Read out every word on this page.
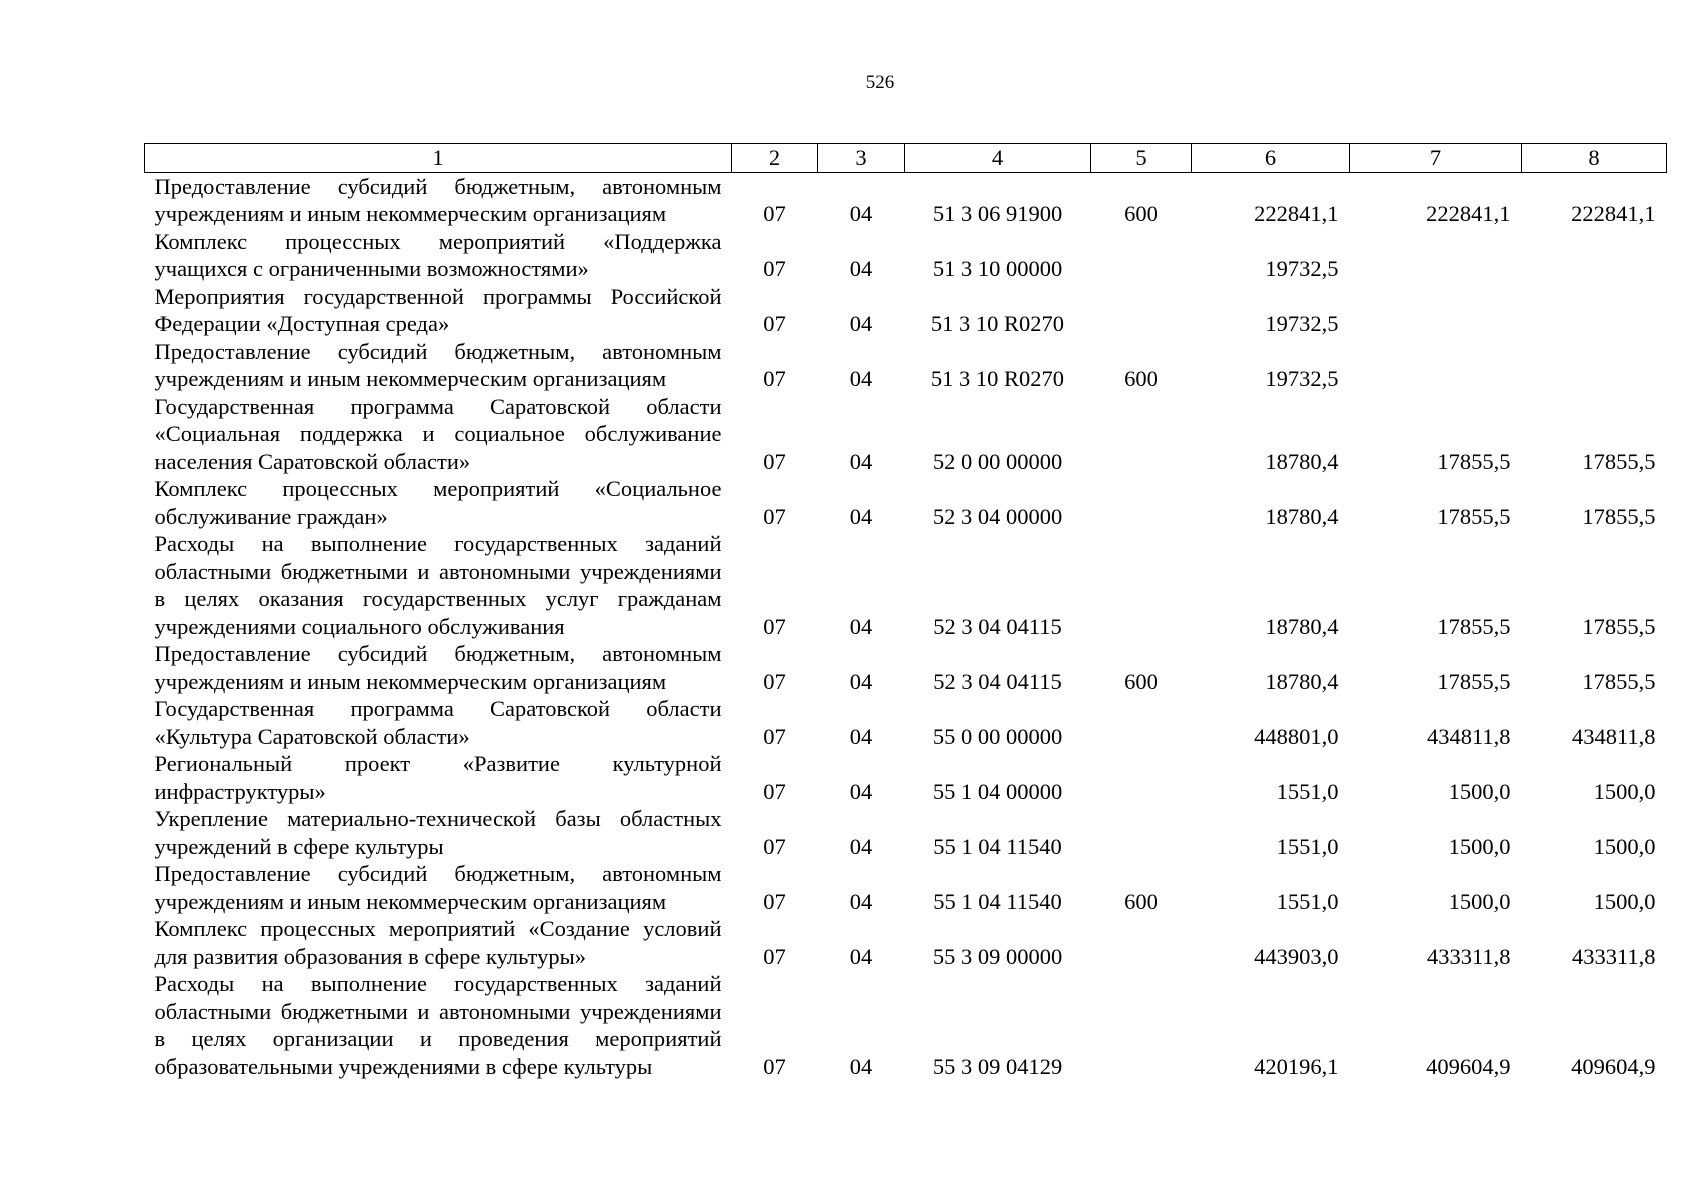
526
1	2	3	4	5	6	7	8
Предоставление субсидий бюджетным, автономным учреждениям и иным некоммерческим организациям	07	04	51 3 06 91900	600	222841,1	222841,1	222841,1
Комплекс процессных мероприятий «Поддержка учащихся с ограниченными возможностями»	07	04	51 3 10 00000		19732,5		
Мероприятия государственной программы Российской Федерации «Доступная среда»	07	04	51 3 10 R0270		19732,5		
Предоставление субсидий бюджетным, автономным учреждениям и иным некоммерческим организациям	07	04	51 3 10 R0270	600	19732,5		
Государственная программа Саратовской области «Социальная поддержка и социальное обслуживание населения Саратовской области»	07	04	52 0 00 00000		18780,4	17855,5	17855,5
Комплекс процессных мероприятий «Социальное обслуживание граждан»	07	04	52 3 04 00000		18780,4	17855,5	17855,5
Расходы на выполнение государственных заданий областными бюджетными и автономными учреждениями в целях оказания государственных услуг гражданам учреждениями социального обслуживания	07	04	52 3 04 04115		18780,4	17855,5	17855,5
Предоставление субсидий бюджетным, автономным учреждениям и иным некоммерческим организациям	07	04	52 3 04 04115	600	18780,4	17855,5	17855,5
Государственная программа Саратовской области «Культура Саратовской области»	07	04	55 0 00 00000		448801,0	434811,8	434811,8
Региональный проект «Развитие культурной инфраструктуры»	07	04	55 1 04 00000		1551,0	1500,0	1500,0
Укрепление материально-технической базы областных учреждений в сфере культуры	07	04	55 1 04 11540		1551,0	1500,0	1500,0
Предоставление субсидий бюджетным, автономным учреждениям и иным некоммерческим организациям	07	04	55 1 04 11540	600	1551,0	1500,0	1500,0
Комплекс процессных мероприятий «Создание условий для развития образования в сфере культуры»	07	04	55 3 09 00000		443903,0	433311,8	433311,8
Расходы на выполнение государственных заданий областными бюджетными и автономными учреждениями в целях организации и проведения мероприятий образовательными учреждениями в сфере культуры	07	04	55 3 09 04129		420196,1	409604,9	409604,9
